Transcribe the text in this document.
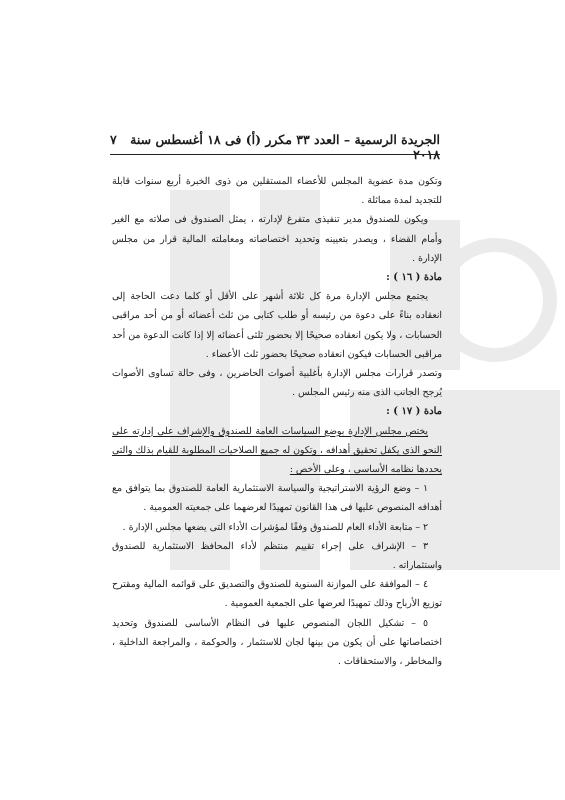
الجريدة الرسمية – العدد ٣٣ مكرر (أ) فى ١٨ أغسطس سنة ٢٠١٨
٧

وتكون مدة عضوية المجلس للأعضاء المستقلين من ذوى الخبرة أربع سنوات قابلة للتجديد لمدة مماثلة .

ويكون للصندوق مدير تنفيذى متفرغ لإدارته ، يمثل الصندوق فى صلاته مع الغير وأمام القضاء ، ويصدر بتعيينه وتحديد اختصاصاته ومعاملته المالية قرار من مجلس الإدارة .

مادة ( ١٦ ) :

يجتمع مجلس الإدارة مرة كل ثلاثة أشهر على الأقل أو كلما دعت الحاجة إلى انعقاده بناءً على دعوة من رئيسه أو طلب كتابى من ثلث أعضائه أو من أحد مراقبى الحسابات ، ولا يكون انعقاده صحيحًا إلا بحضور ثلثى أعضائه إلا إذا كانت الدعوة من أحد مراقبى الحسابات فيكون انعقاده صحيحًا بحضور ثلث الأعضاء .

وتصدر قرارات مجلس الإدارة بأغلبية أصوات الحاضرين ، وفى حالة تساوى الأصوات يُرجح الجانب الذى منه رئيس المجلس .

مادة ( ١٧ ) :

يختص مجلس الإدارة بوضع السياسات العامة للصندوق والإشراف على إدارته على النحو الذى يكفل تحقيق أهدافه ، وتكون له جميع الصلاحيات المطلوبة للقيام بذلك والتى يحددها نظامه الأساسى ، وعلى الأخص :

١ – وضع الرؤية الاستراتيجية والسياسة الاستثمارية العامة للصندوق بما يتوافق مع أهدافه المنصوص عليها فى هذا القانون تمهيدًا لعرضهما على جمعيته العمومية .

٢ – متابعة الأداء العام للصندوق وفقًا لمؤشرات الأداء التى يضعها مجلس الإدارة .

٣ – الإشراف على إجراء تقييم منتظم لأداء المحافظ الاستثمارية للصندوق واستثماراته .

٤ – الموافقة على الموازنة السنوية للصندوق والتصديق على قوائمه المالية ومقترح توزيع الأرباح وذلك تمهيدًا لعرضها على الجمعية العمومية .

٥ – تشكيل اللجان المنصوص عليها فى النظام الأساسى للصندوق وتحديد اختصاصاتها على أن يكون من بينها لجان للاستثمار ، والحوكمة ، والمراجعة الداخلية ، والمخاطر ، والاستحقاقات .
